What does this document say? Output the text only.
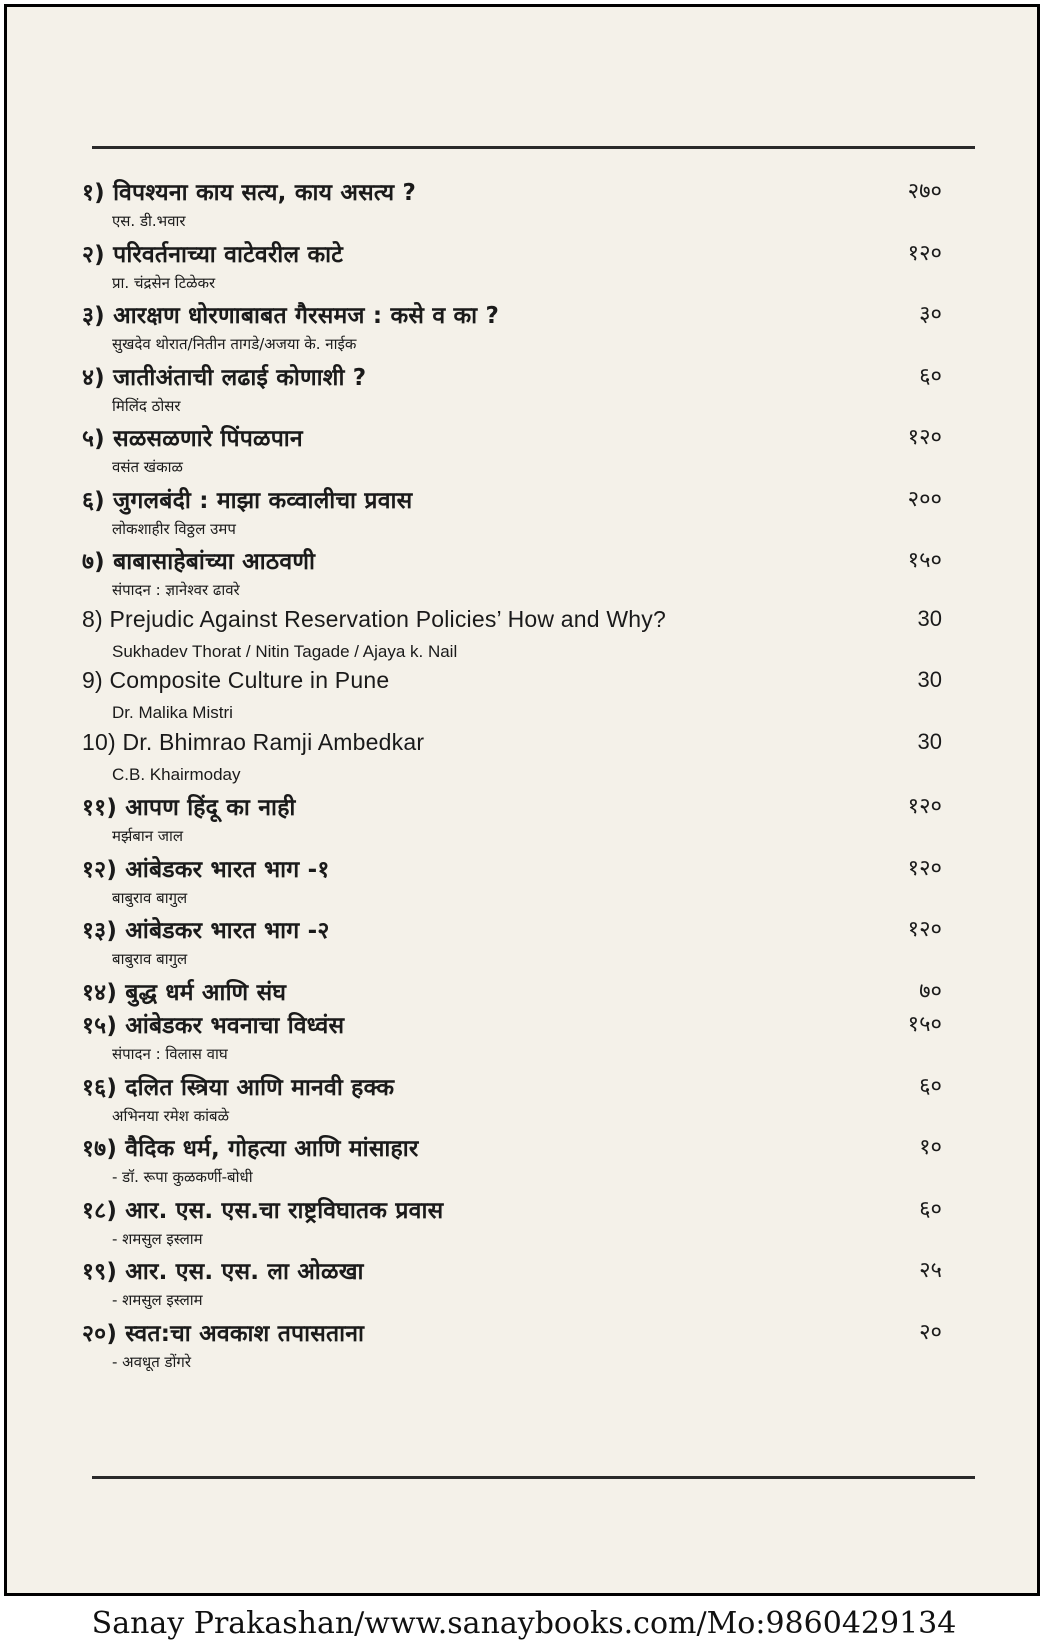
१) विपश्यना काय सत्य, काय असत्य ?
एस. डी.भवार
२७०
२) परिवर्तनाच्या वाटेवरील काटे
प्रा. चंद्रसेन टिळेकर
१२०
३) आरक्षण धोरणाबाबत गैरसमज : कसे व का ?
सुखदेव थोरात/नितीन तागडे/अजया के. नाईक
३०
४) जातीअंताची लढाई कोणाशी ?
मिलिंद ठोसर
६०
५) सळसळणारे पिंपळपान
वसंत खंकाळ
१२०
६) जुगलबंदी : माझा कव्वालीचा प्रवास
लोकशाहीर विठ्ठल उमप
२००
७) बाबासाहेबांच्या आठवणी
संपादन : ज्ञानेश्वर ढावरे
१५०
8) Prejudic Against Reservation Policies’ How and Why?
Sukhadev Thorat / Nitin Tagade / Ajaya k. Nail
30
9) Composite Culture in Pune
Dr. Malika Mistri
30
10) Dr. Bhimrao Ramji Ambedkar
C.B. Khairmoday
30
११) आपण हिंदू का नाही
मर्झबान जाल
१२०
१२) आंबेडकर भारत भाग -१
बाबुराव बागुल
१२०
१३) आंबेडकर भारत भाग -२
बाबुराव बागुल
१२०
१४) बुद्ध धर्म आणि संघ	७०
१५) आंबेडकर भवनाचा विध्वंस
संपादन : विलास वाघ
१५०
१६) दलित स्त्रिया आणि मानवी हक्क
अभिनया रमेश कांबळे
६०
१७) वैदिक धर्म, गोहत्या आणि मांसाहार
- डॉ. रूपा कुळकर्णी-बोधी
१०
१८) आर. एस. एस.चा राष्ट्रविघातक प्रवास
- शमसुल इस्लाम
६०
१९) आर. एस. एस. ला ओळखा
- शमसुल इस्लाम
२५
२०) स्वत:चा अवकाश तपासताना
- अवधूत डोंगरे
२०
Sanay Prakashan/www.sanaybooks.com/Mo:9860429134
